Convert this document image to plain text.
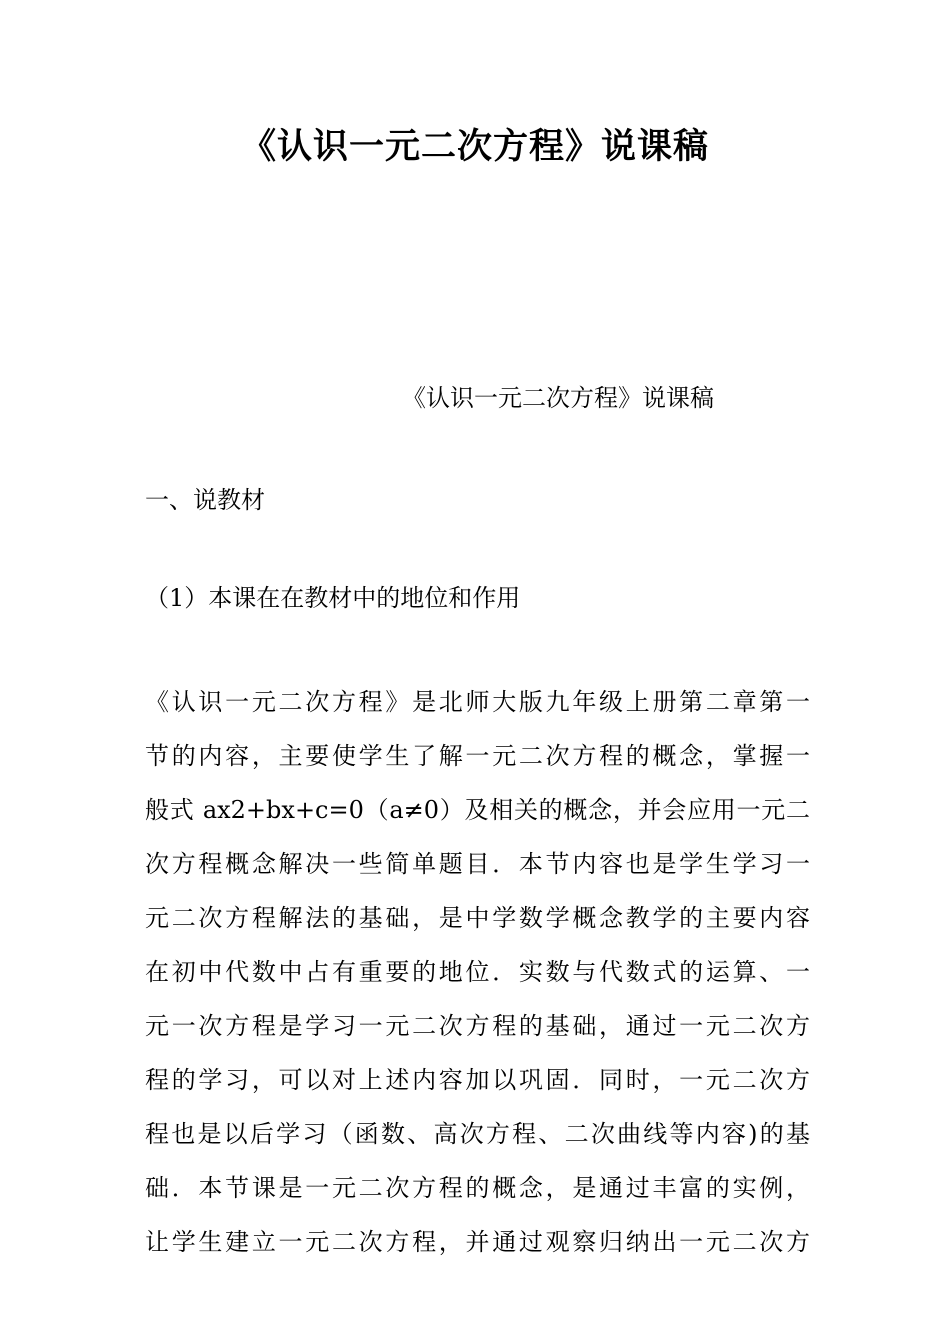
《认识一元二次方程》说课稿
《认识一元二次方程》说课稿
一、说教材
（1）本课在在教材中的地位和作用
《认识一元二次方程》是北师大版九年级上册第二章第一
节的内容，主要使学生了解一元二次方程的概念，掌握一
般式 ax2+bx+c=0（a≠0）及相关的概念，并会应用一元二
次方程概念解决一些简单题目．本节内容也是学生学习一
元二次方程解法的基础，是中学数学概念教学的主要内容
在初中代数中占有重要的地位．实数与代数式的运算、一
元一次方程是学习一元二次方程的基础，通过一元二次方
程的学习，可以对上述内容加以巩固．同时，一元二次方
程也是以后学习（函数、高次方程、二次曲线等内容)的基
础．本节课是一元二次方程的概念，是通过丰富的实例，
让学生建立一元二次方程，并通过观察归纳出一元二次方
